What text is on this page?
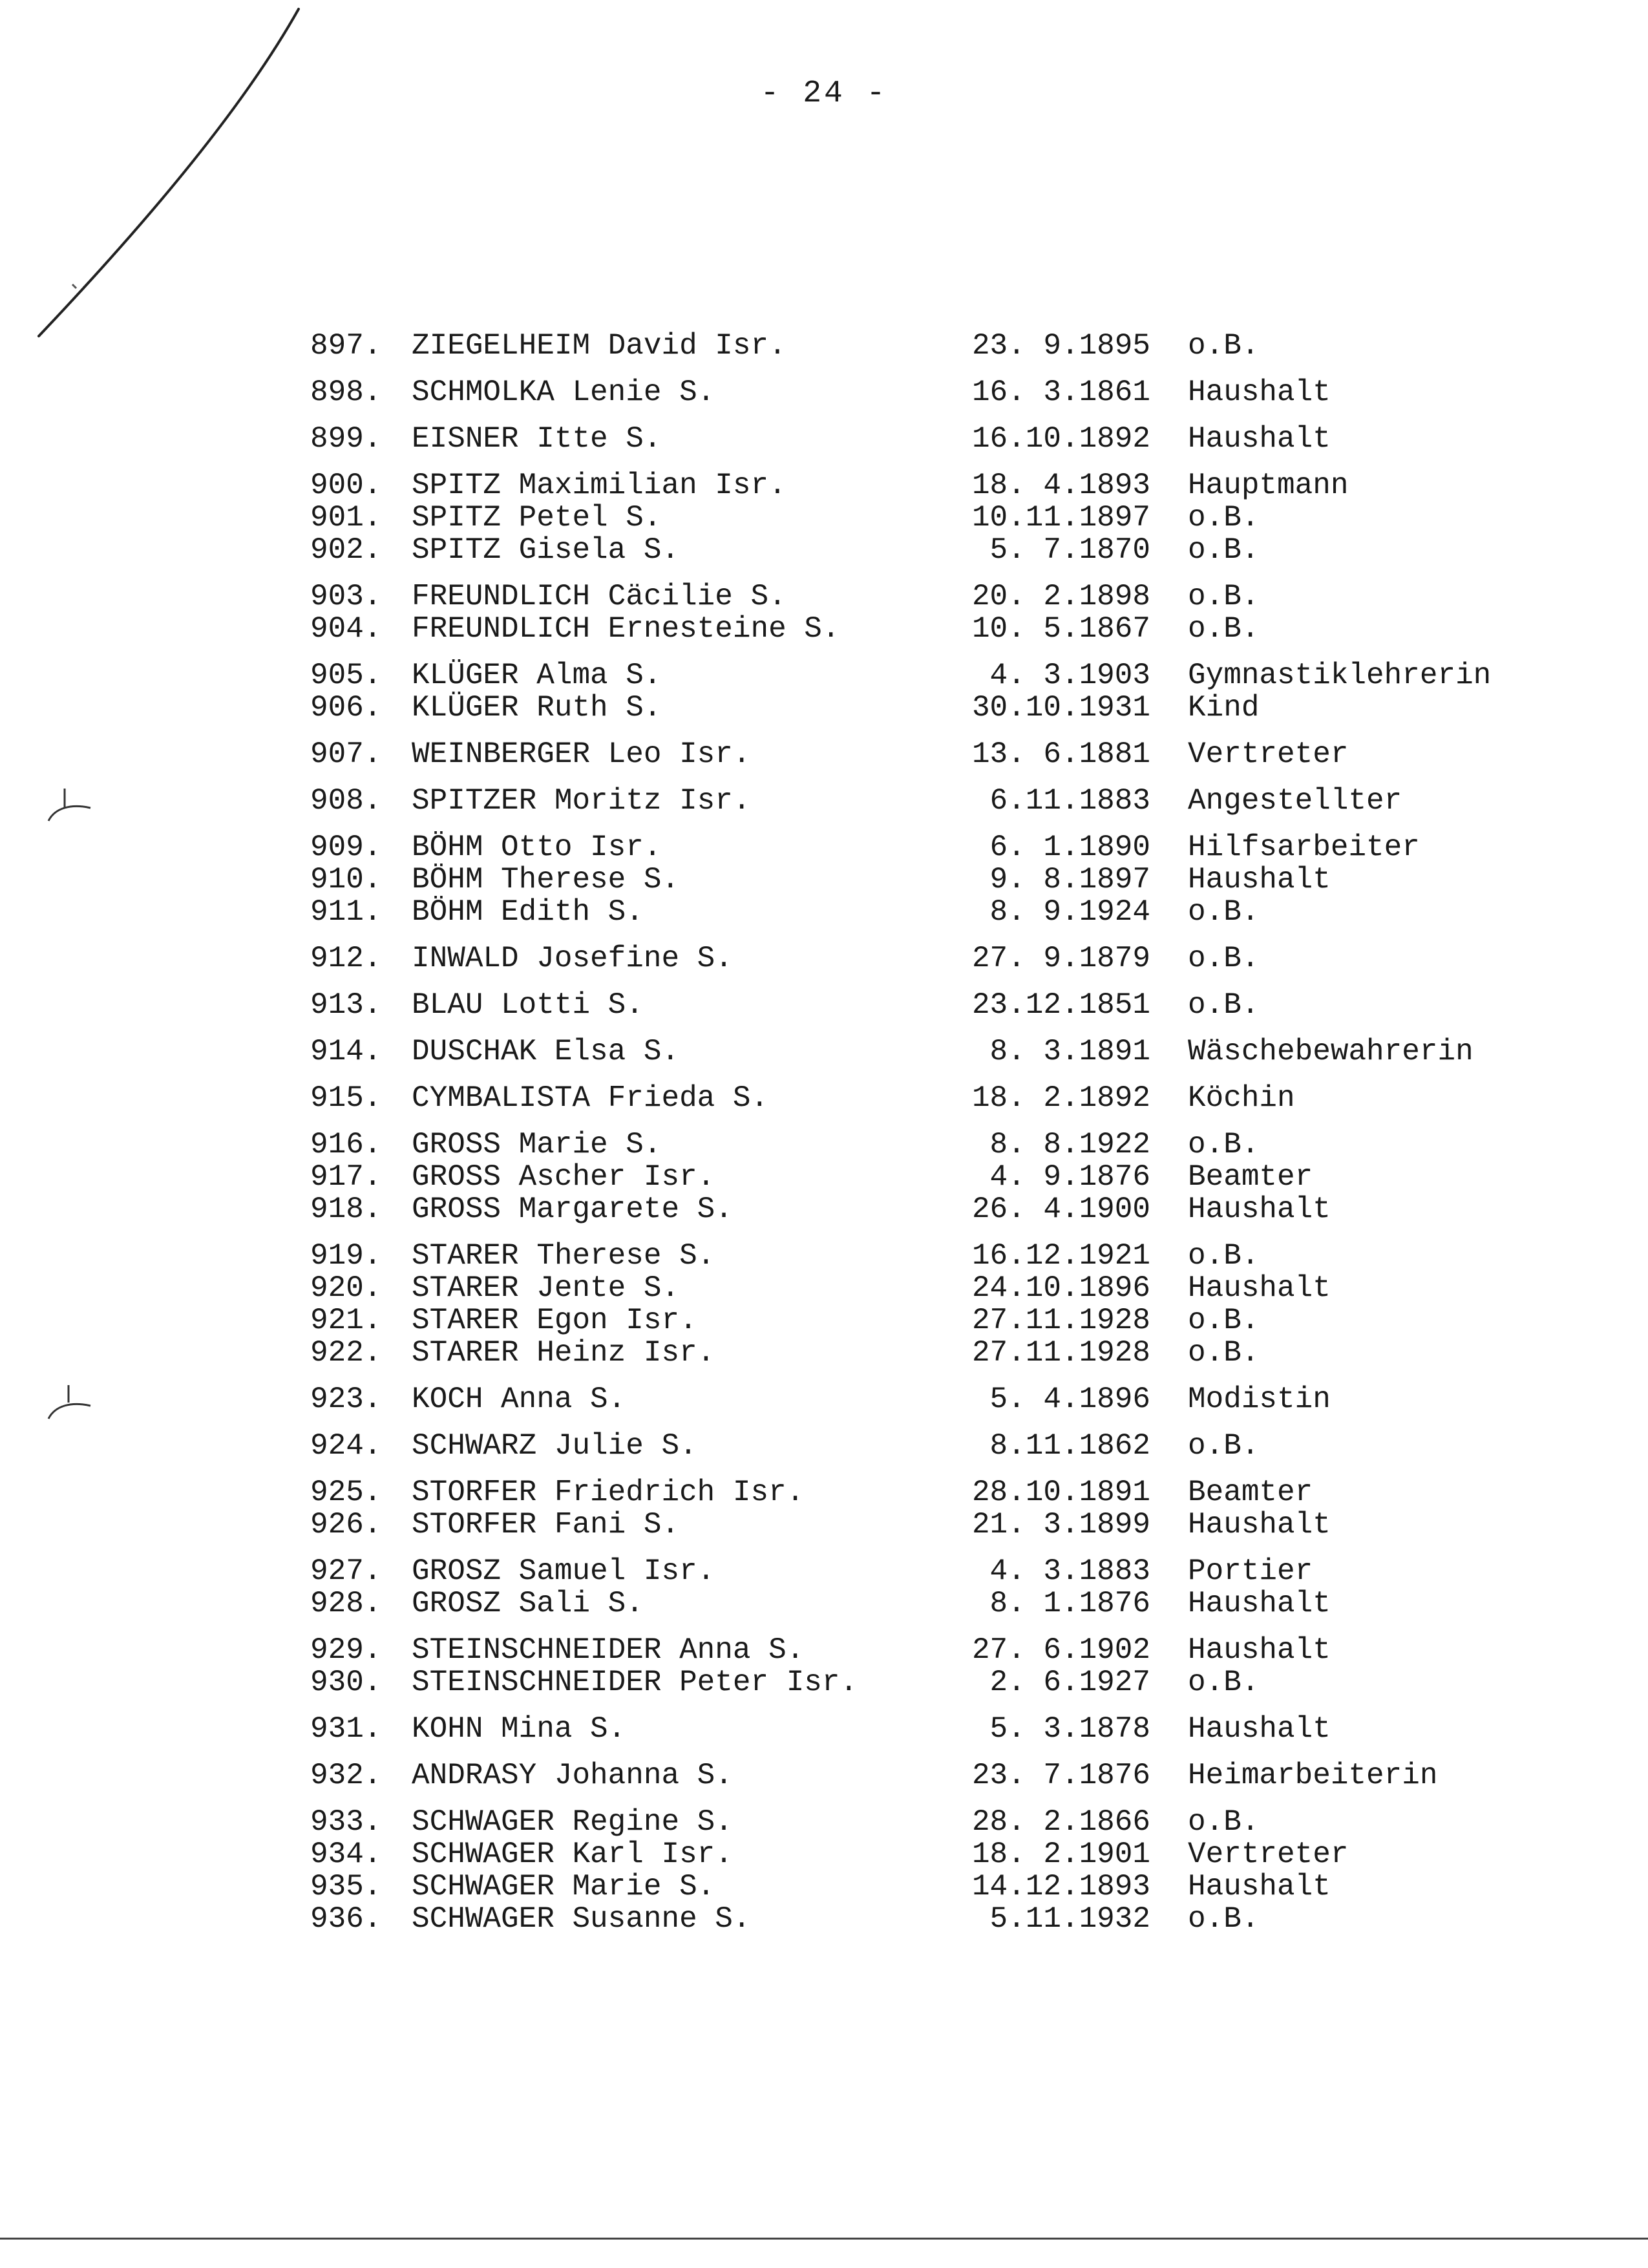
- 24 -
897.	ZIEGELHEIM David Isr.	23. 9.1895 o.B.
898.	SCHMOLKA Lenie S.	16. 3.1861 Haushalt
899.	EISNER Itte S.	16.10.1892 Haushalt
900.	SPITZ Maximilian Isr.	18. 4.1893 Hauptmann
901.	SPITZ Petel S.	10.11.1897 o.B.
902.	SPITZ Gisela S.	5. 7.1870 o.B.
903.	FREUNDLICH Cäcilie S.	20. 2.1898 o.B.
904.	FREUNDLICH Ernesteine S.	10. 5.1867 o.B.
905.	KLÜGER Alma S.	4. 3.1903 Gymnastiklehrerin
906.	KLÜGER Ruth S.	30.10.1931 Kind
907.	WEINBERGER Leo Isr.	13. 6.1881 Vertreter
908.	SPITZER Moritz Isr.	6.11.1883 Angestellter
909.	BÖHM Otto Isr.	6. 1.1890 Hilfsarbeiter
910.	BÖHM Therese S.	9. 8.1897 Haushalt
911.	BÖHM Edith S.	8. 9.1924 o.B.
912.	INWALD Josefine S.	27. 9.1879 o.B.
913.	BLAU Lotti S.	23.12.1851 o.B.
914.	DUSCHAK Elsa S.	8. 3.1891 Wäschebewahrerin
915.	CYMBALISTA Frieda S.	18. 2.1892 Köchin
916.	GROSS Marie S.	8. 8.1922 o.B.
917.	GROSS Ascher Isr.	4. 9.1876 Beamter
918.	GROSS Margarete S.	26. 4.1900 Haushalt
919.	STARER Therese S.	16.12.1921 o.B.
920.	STARER Jente S.	24.10.1896 Haushalt
921.	STARER Egon Isr.	27.11.1928 o.B.
922.	STARER Heinz Isr.	27.11.1928 o.B.
923.	KOCH Anna S.	5. 4.1896 Modistin
924.	SCHWARZ Julie S.	8.11.1862 o.B.
925.	STORFER Friedrich Isr.	28.10.1891 Beamter
926.	STORFER Fani S.	21. 3.1899 Haushalt
927.	GROSZ Samuel Isr.	4. 3.1883 Portier
928.	GROSZ Sali S.	8. 1.1876 Haushalt
929.	STEINSCHNEIDER Anna S.	27. 6.1902 Haushalt
930.	STEINSCHNEIDER Peter Isr.	2. 6.1927 o.B.
931.	KOHN Mina S.	5. 3.1878 Haushalt
932.	ANDRASY Johanna S.	23. 7.1876 Heimarbeiterin
933.	SCHWAGER Regine S.	28. 2.1866 o.B.
934.	SCHWAGER Karl Isr.	18. 2.1901 Vertreter
935.	SCHWAGER Marie S.	14.12.1893 Haushalt
936.	SCHWAGER Susanne S.	5.11.1932 o.B.
